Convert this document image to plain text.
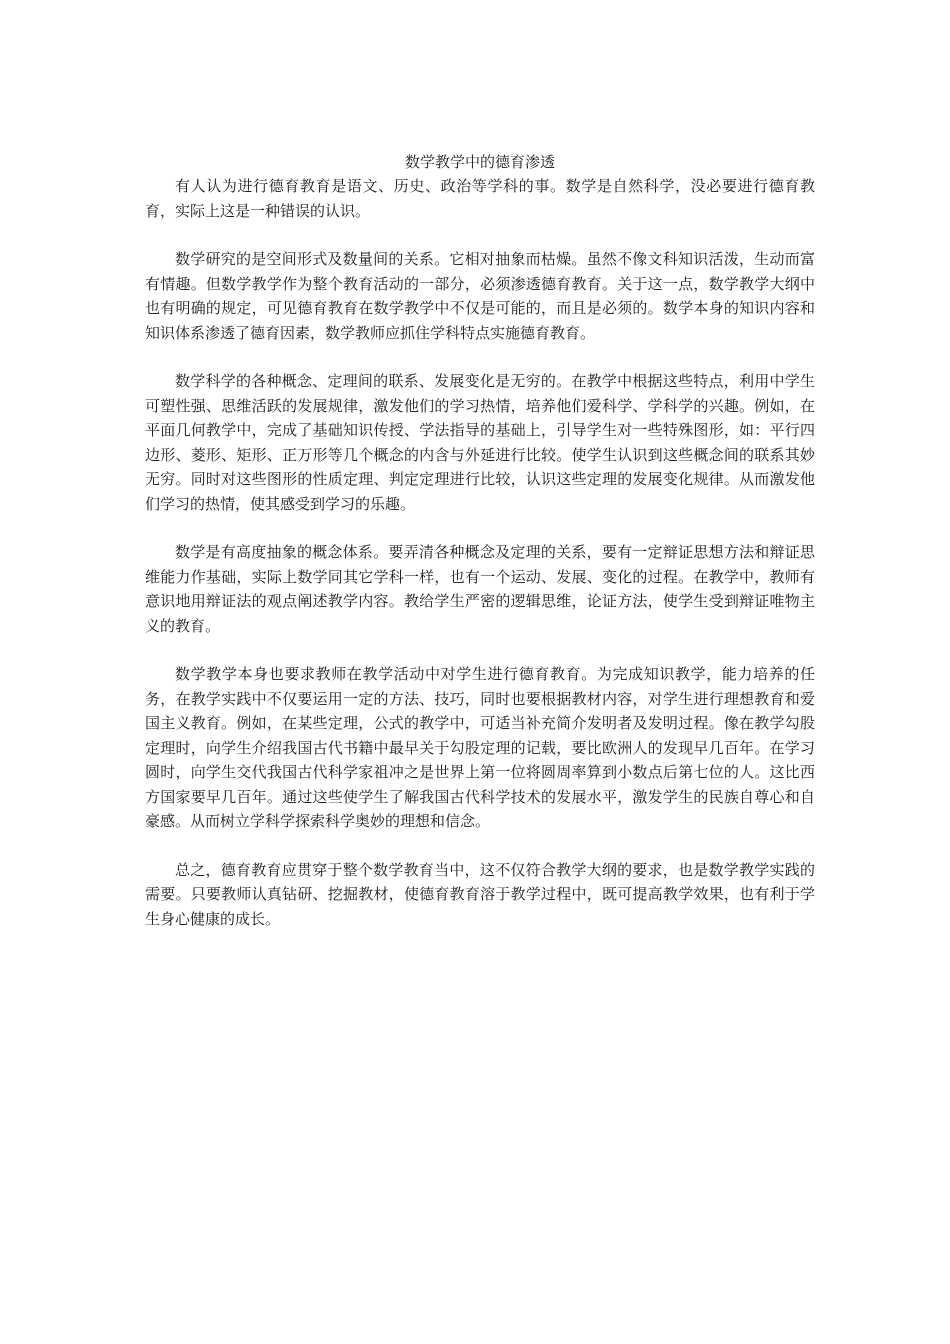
数学教学中的德育渗透

有人认为进行德育教育是语文、历史、政治等学科的事。数学是自然科学，没必要进行德育教育，实际上这是一种错误的认识。

数学研究的是空间形式及数量间的关系。它相对抽象而枯燥。虽然不像文科知识活泼，生动而富有情趣。但数学教学作为整个教育活动的一部分，必须渗透德育教育。关于这一点，数学教学大纲中也有明确的规定，可见德育教育在数学教学中不仅是可能的，而且是必须的。数学本身的知识内容和知识体系渗透了德育因素，数学教师应抓住学科特点实施德育教育。

数学科学的各种概念、定理间的联系、发展变化是无穷的。在教学中根据这些特点，利用中学生可塑性强、思维活跃的发展规律，激发他们的学习热情，培养他们爱科学、学科学的兴趣。例如，在平面几何教学中，完成了基础知识传授、学法指导的基础上，引导学生对一些特殊图形，如：平行四边形、菱形、矩形、正万形等几个概念的内含与外延进行比较。使学生认识到这些概念间的联系其妙无穷。同时对这些图形的性质定理、判定定理进行比较，认识这些定理的发展变化规律。从而激发他们学习的热情，使其感受到学习的乐趣。

数学是有高度抽象的概念体系。要弄清各种概念及定理的关系，要有一定辩证思想方法和辩证思维能力作基础，实际上数学同其它学科一样，也有一个运动、发展、变化的过程。在教学中，教师有意识地用辩证法的观点阐述教学内容。教给学生严密的逻辑思维，论证方法，使学生受到辩证唯物主义的教育。

数学教学本身也要求教师在教学活动中对学生进行德育教育。为完成知识教学，能力培养的任务，在教学实践中不仅要运用一定的方法、技巧，同时也要根据教材内容，对学生进行理想教育和爱国主义教育。例如，在某些定理，公式的教学中，可适当补充简介发明者及发明过程。像在教学勾股定理时，向学生介绍我国古代书籍中最早关于勾股定理的记载，要比欧洲人的发现早几百年。在学习圆时，向学生交代我国古代科学家祖冲之是世界上第一位将圆周率算到小数点后第七位的人。这比西方国家要早几百年。通过这些使学生了解我国古代科学技术的发展水平，激发学生的民族自尊心和自豪感。从而树立学科学探索科学奥妙的理想和信念。

总之，德育教育应贯穿于整个数学教育当中，这不仅符合教学大纲的要求，也是数学教学实践的需要。只要教师认真钻研、挖掘教材，使德育教育溶于教学过程中，既可提高教学效果，也有利于学生身心健康的成长。
